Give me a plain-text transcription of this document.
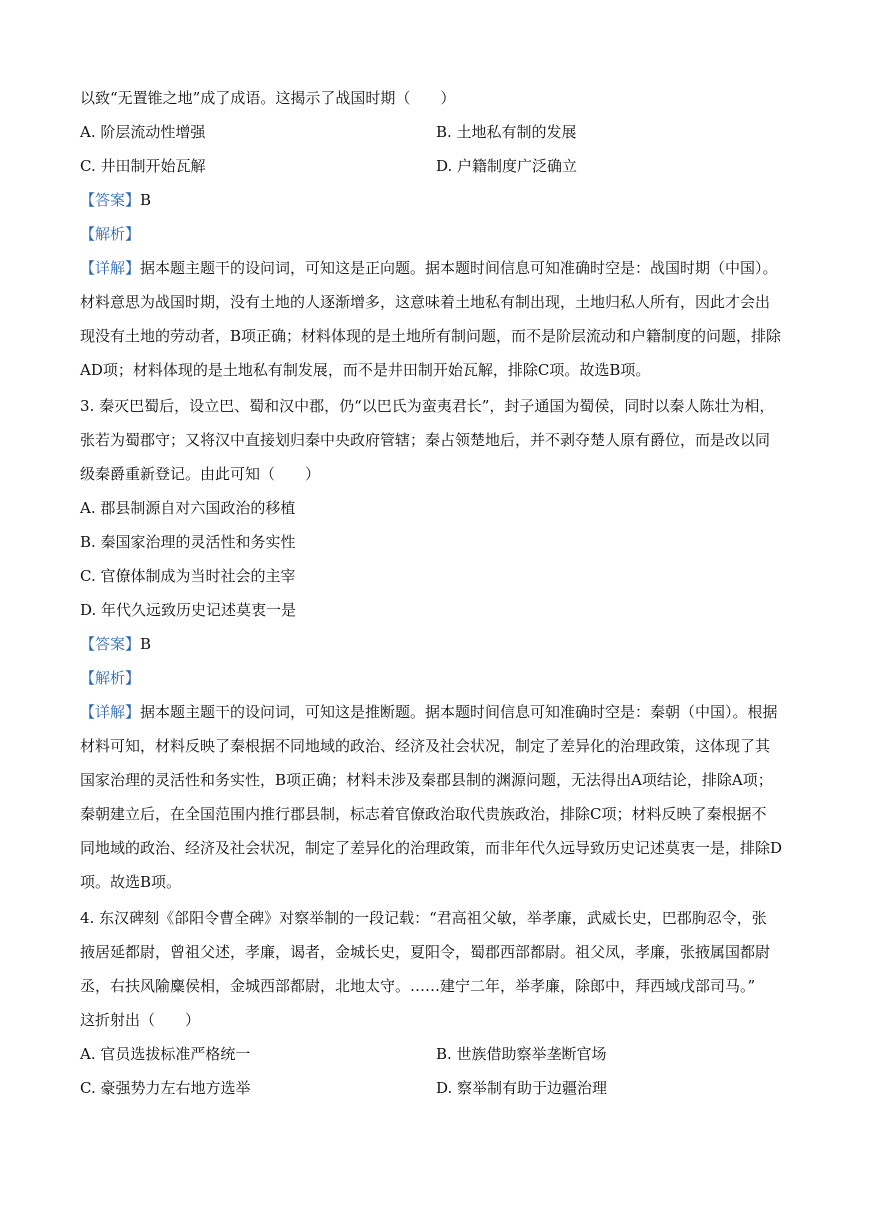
以致“无置锥之地”成了成语。这揭示了战国时期（　　）
A. 阶层流动性增强	B. 土地私有制的发展
C. 井田制开始瓦解	D. 户籍制度广泛确立
【答案】B
【解析】
【详解】据本题主题干的设问词，可知这是正向题。据本题时间信息可知准确时空是：战国时期（中国）。
材料意思为战国时期，没有土地的人逐渐增多，这意味着土地私有制出现，土地归私人所有，因此才会出
现没有土地的劳动者，B项正确；材料体现的是土地所有制问题，而不是阶层流动和户籍制度的问题，排除
AD项；材料体现的是土地私有制发展，而不是井田制开始瓦解，排除C项。故选B项。
3. 秦灭巴蜀后，设立巴、蜀和汉中郡，仍“以巴氏为蛮夷君长”，封子通国为蜀侯，同时以秦人陈壮为相，
张若为蜀郡守；又将汉中直接划归秦中央政府管辖；秦占领楚地后，并不剥夺楚人原有爵位，而是改以同
级秦爵重新登记。由此可知（　　）
A. 郡县制源自对六国政治的移植
B. 秦国家治理的灵活性和务实性
C. 官僚体制成为当时社会的主宰
D. 年代久远致历史记述莫衷一是
【答案】B
【解析】
【详解】据本题主题干的设问词，可知这是推断题。据本题时间信息可知准确时空是：秦朝（中国）。根据
材料可知，材料反映了秦根据不同地域的政治、经济及社会状况，制定了差异化的治理政策，这体现了其
国家治理的灵活性和务实性，B项正确；材料未涉及秦郡县制的渊源问题，无法得出A项结论，排除A项；
秦朝建立后，在全国范围内推行郡县制，标志着官僚政治取代贵族政治，排除C项；材料反映了秦根据不
同地域的政治、经济及社会状况，制定了差异化的治理政策，而非年代久远导致历史记述莫衷一是，排除D
项。故选B项。
4. 东汉碑刻《郃阳令曹全碑》对察举制的一段记载：“君高祖父敏，举孝廉，武威长史，巴郡朐忍令，张
掖居延都尉，曾祖父述，孝廉，谒者，金城长史，夏阳令，蜀郡西部都尉。祖父凤，孝廉，张掖属国都尉
丞，右扶风隃麋侯相，金城西部都尉，北地太守。……建宁二年，举孝廉，除郎中，拜西域戊部司马。”
这折射出（　　）
A. 官员选拔标准严格统一	B. 世族借助察举垄断官场
C. 豪强势力左右地方选举	D. 察举制有助于边疆治理
